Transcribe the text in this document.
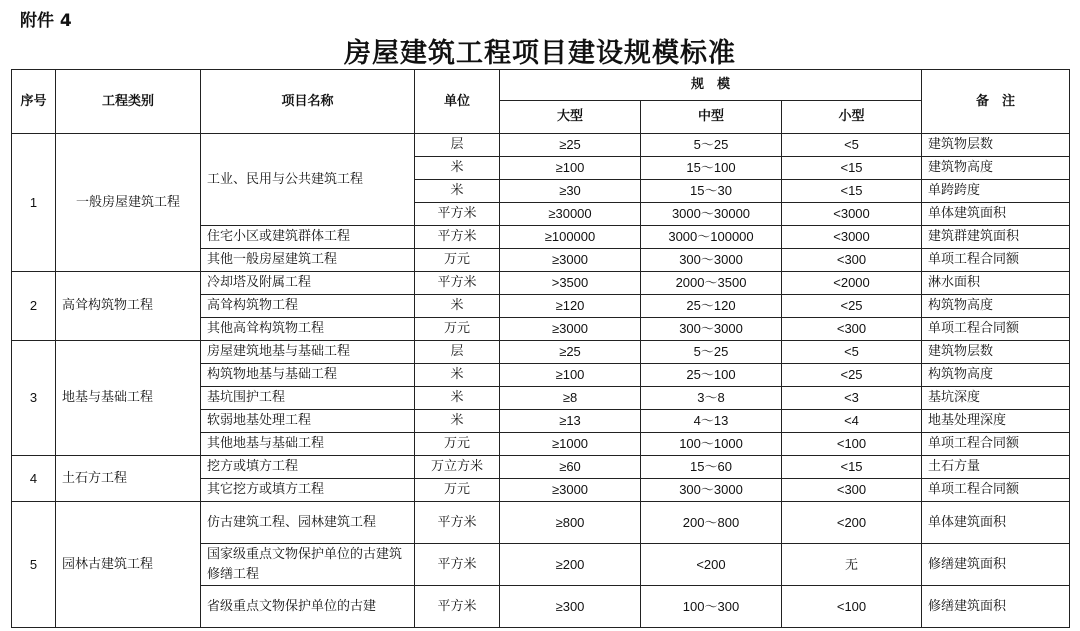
附件 4
房屋建筑工程项目建设规模标准
序号	工程类别	项目名称	单位	规　模			备　注
				大型	中型	小型	
1	一般房屋建筑工程	工业、民用与公共建筑工程	层	≥25	5～25	<5	建筑物层数
			米	≥100	15～100	<15	建筑物高度
			米	≥30	15～30	<15	单跨跨度
			平方米	≥30000	3000～30000	<3000	单体建筑面积
		住宅小区或建筑群体工程	平方米	≥100000	3000～100000	<3000	建筑群建筑面积
		其他一般房屋建筑工程	万元	≥3000	300～3000	<300	单项工程合同额
2	高耸构筑物工程	冷却塔及附属工程	平方米	>3500	2000～3500	<2000	淋水面积
		高耸构筑物工程	米	≥120	25～120	<25	构筑物高度
		其他高耸构筑物工程	万元	≥3000	300～3000	<300	单项工程合同额
3	地基与基础工程	房屋建筑地基与基础工程	层	≥25	5～25	<5	建筑物层数
		构筑物地基与基础工程	米	≥100	25～100	<25	构筑物高度
		基坑围护工程	米	≥8	3～8	<3	基坑深度
		软弱地基处理工程	米	≥13	4～13	<4	地基处理深度
		其他地基与基础工程	万元	≥1000	100～1000	<100	单项工程合同额
4	土石方工程	挖方或填方工程	万立方米	≥60	15～60	<15	土石方量
		其它挖方或填方工程	万元	≥3000	300～3000	<300	单项工程合同额
5	园林古建筑工程	仿古建筑工程、园林建筑工程	平方米	≥800	200～800	<200	单体建筑面积
		国家级重点文物保护单位的古建筑修缮工程	平方米	≥200	<200	无	修缮建筑面积
		省级重点文物保护单位的古建	平方米	≥300	100～300	<100	修缮建筑面积
